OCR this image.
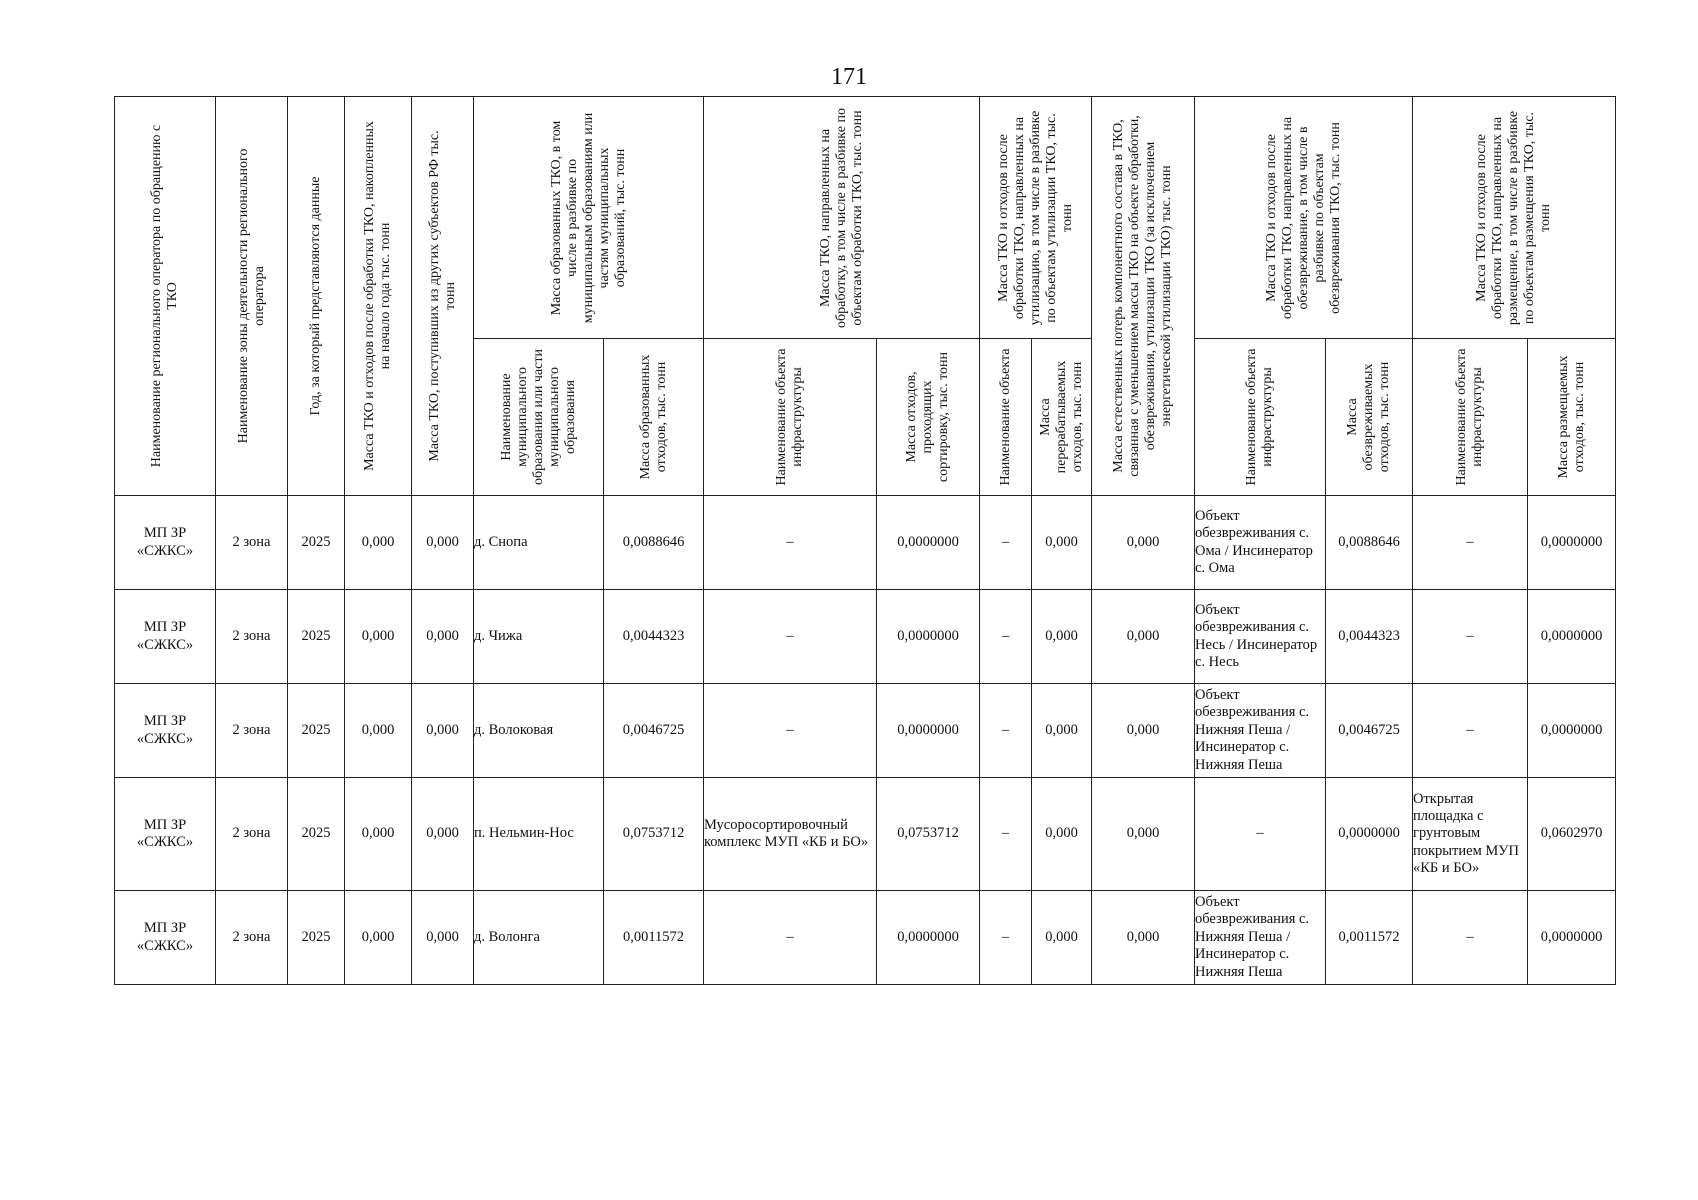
171
Наименование регионального оператора по обращению с ТКО	Наименование зоны деятельности регионального оператора	Год, за который представляются данные	Масса ТКО и отходов после обработки ТКО, накопленных на начало года тыс. тонн	Масса ТКО, поступивших из других субъектов РФ тыс. тонн	Масса образованных ТКО, в том числе в разбивке по муниципальным образованиям или частям муниципальных образований, тыс. тонн		Масса ТКО, направленных на обработку, в том числе в разбивке по объектам обработки ТКО, тыс. тонн		Масса ТКО и отходов после обработки ТКО, направленных на утилизацию, в том числе в разбивке по объектам утилизации ТКО, тыс. тонн		Масса естественных потерь компонентного состава в ТКО, связанная с уменьшением массы ТКО на объекте обработки, обезвреживания, утилизации ТКО (за исключением энергетической утилизации ТКО) тыс. тонн	Масса ТКО и отходов после обработки ТКО, направленных на обезвреживание, в том числе в разбивке по объектам обезвреживания ТКО, тыс. тонн		Масса ТКО и отходов после обработки ТКО, направленных на размещение, в том числе в разбивке по объектам размещения ТКО, тыс. тонн	

					Наименование муниципального образования или части муниципального образования	Масса образованных отходов, тыс. тонн	Наименование объекта инфраструктуры	Масса отходов, проходящих сортировку, тыс. тонн	Наименование объекта	Масса перерабатываемых отходов, тыс. тонн		Наименование объекта инфраструктуры	Масса обезвреживаемых отходов, тыс. тонн	Наименование объекта инфраструктуры	Масса размещаемых отходов, тыс. тонн

МП ЗР «СЖКС»	2 зона	2025	0,000	0,000	д. Снопа	0,0088646	–	0,0000000	–	0,000	0,000	Объект обезвреживания с. Ома / Инсинератор с. Ома	0,0088646	–	0,0000000
МП ЗР «СЖКС»	2 зона	2025	0,000	0,000	д. Чижа	0,0044323	–	0,0000000	–	0,000	0,000	Объект обезвреживания с. Несь / Инсинератор с. Несь	0,0044323	–	0,0000000
МП ЗР «СЖКС»	2 зона	2025	0,000	0,000	д. Волоковая	0,0046725	–	0,0000000	–	0,000	0,000	Объект обезвреживания с. Нижняя Пеша / Инсинератор с. Нижняя Пеша	0,0046725	–	0,0000000
МП ЗР «СЖКС»	2 зона	2025	0,000	0,000	п. Нельмин-Нос	0,0753712	Мусоросортировочный комплекс МУП «КБ и БО»	0,0753712	–	0,000	0,000	–	0,0000000	Открытая площадка с грунтовым покрытием МУП «КБ и БО»	0,0602970
МП ЗР «СЖКС»	2 зона	2025	0,000	0,000	д. Волонга	0,0011572	–	0,0000000	–	0,000	0,000	Объект обезвреживания с. Нижняя Пеша / Инсинератор с. Нижняя Пеша	0,0011572	–	0,0000000
